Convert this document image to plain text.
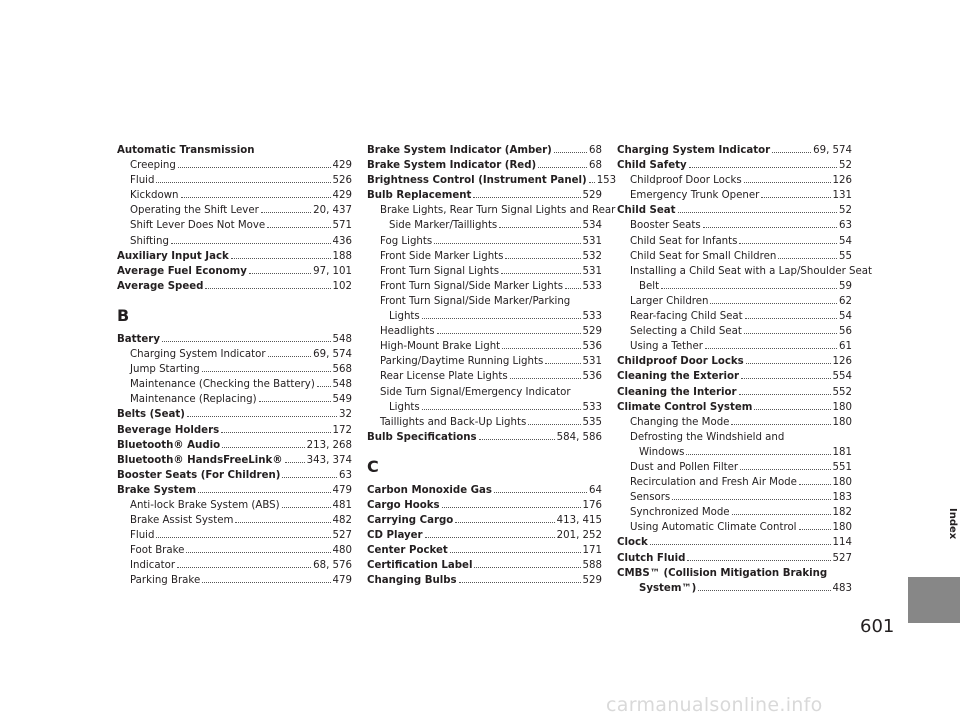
Automatic Transmission
Creeping	429
Fluid	526
Kickdown	429
Operating the Shift Lever	20, 437
Shift Lever Does Not Move	571
Shifting	436
Auxiliary Input Jack	188
Average Fuel Economy	97, 101
Average Speed	102
B
Battery	548
Charging System Indicator	69, 574
Jump Starting	568
Maintenance (Checking the Battery) 548
Maintenance (Replacing)	549
Belts (Seat)	32
Beverage Holders	172
Bluetooth® Audio	213, 268
Bluetooth® HandsFreeLink® 343, 374
Booster Seats (For Children)	63
Brake System	479
Anti-lock Brake System (ABS)	481
Brake Assist System	482
Fluid	527
Foot Brake	480
Indicator	68, 576
Parking Brake	479
Brake System Indicator (Amber)	68
Brake System Indicator (Red)	68
Brightness Control (Instrument Panel) 153
Bulb Replacement	529
Brake Lights, Rear Turn Signal Lights and Rear
Side Marker/Taillights	534
Fog Lights	531
Front Side Marker Lights	532
Front Turn Signal Lights	531
Front Turn Signal/Side Marker Lights 533
Front Turn Signal/Side Marker/Parking
Lights	533
Headlights	529
High-Mount Brake Light	536
Parking/Daytime Running Lights	531
Rear License Plate Lights	536
Side Turn Signal/Emergency Indicator
Lights	533
Taillights and Back-Up Lights	535
Bulb Specifications	584, 586
C
Carbon Monoxide Gas	64
Cargo Hooks	176
Carrying Cargo	413, 415
CD Player	201, 252
Center Pocket	171
Certification Label	588
Changing Bulbs	529
Charging System Indicator	69, 574
Child Safety	52
Childproof Door Locks	126
Emergency Trunk Opener	131
Child Seat	52
Booster Seats	63
Child Seat for Infants	54
Child Seat for Small Children	55
Installing a Child Seat with a Lap/Shoulder Seat
Belt	59
Larger Children	62
Rear-facing Child Seat	54
Selecting a Child Seat	56
Using a Tether	61
Childproof Door Locks	126
Cleaning the Exterior	554
Cleaning the Interior	552
Climate Control System	180
Changing the Mode	180
Defrosting the Windshield and
Windows	181
Dust and Pollen Filter	551
Recirculation and Fresh Air Mode	180
Sensors	183
Synchronized Mode	182
Using Automatic Climate Control	180
Clock	114
Clutch Fluid	527
CMBS™ (Collision Mitigation Braking
System™)	483
Index
601
carmanualsonline.info
